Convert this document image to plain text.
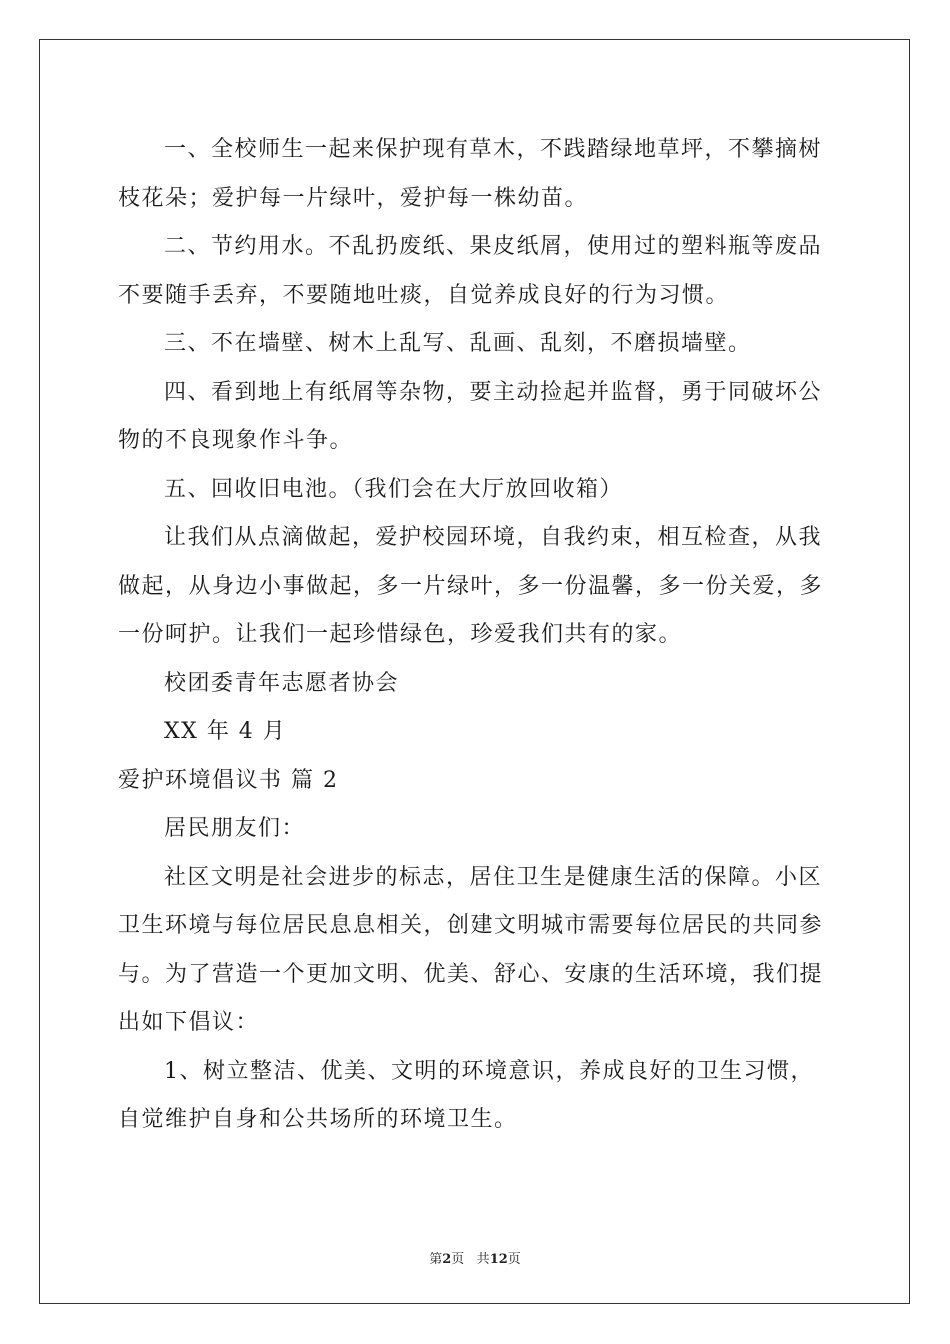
一、全校师生一起来保护现有草木，不践踏绿地草坪，不攀摘树

枝花朵；爱护每一片绿叶，爱护每一株幼苗。

二、节约用水。不乱扔废纸、果皮纸屑，使用过的塑料瓶等废品

不要随手丢弃，不要随地吐痰，自觉养成良好的行为习惯。

三、不在墙壁、树木上乱写、乱画、乱刻，不磨损墙壁。

四、看到地上有纸屑等杂物，要主动捡起并监督，勇于同破坏公

物的不良现象作斗争。

五、回收旧电池。（我们会在大厅放回收箱）

让我们从点滴做起，爱护校园环境，自我约束，相互检查，从我

做起，从身边小事做起，多一片绿叶，多一份温馨，多一份关爱，多

一份呵护。让我们一起珍惜绿色，珍爱我们共有的家。

校团委青年志愿者协会

XX 年 4 月

爱护环境倡议书 篇 2

居民朋友们：

社区文明是社会进步的标志，居住卫生是健康生活的保障。小区

卫生环境与每位居民息息相关，创建文明城市需要每位居民的共同参

与。为了营造一个更加文明、优美、舒心、安康的生活环境，我们提

出如下倡议：

1、树立整洁、优美、文明的环境意识，养成良好的卫生习惯，

自觉维护自身和公共场所的环境卫生。

第2页 共12页
